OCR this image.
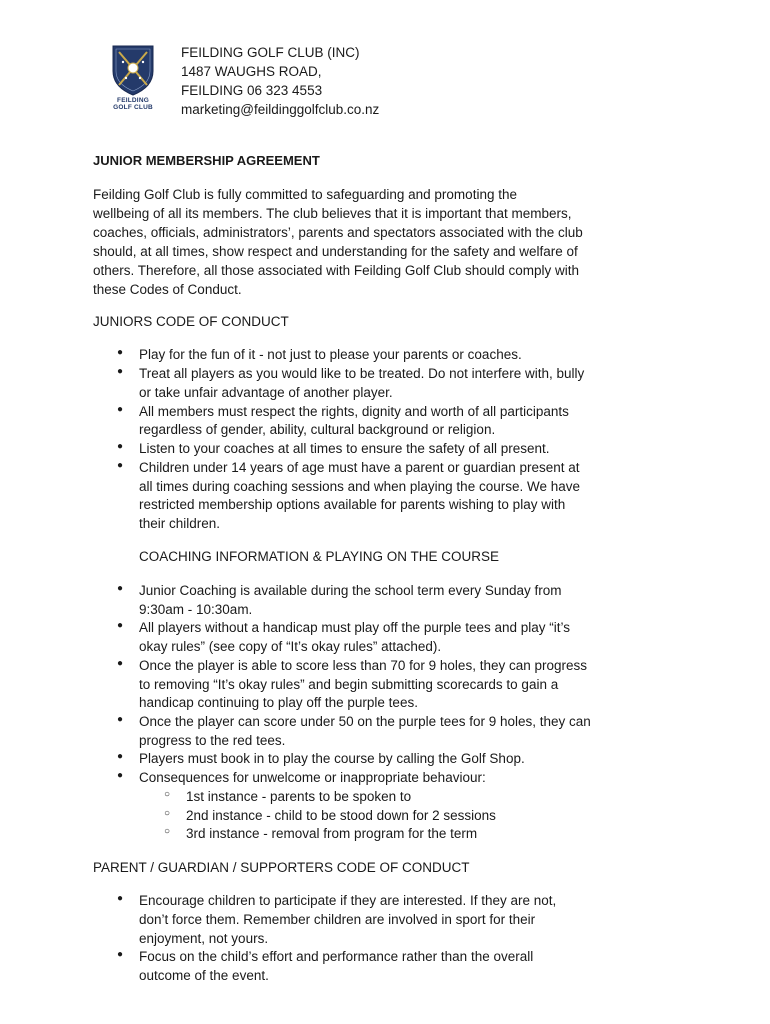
FEILDING
GOLF CLUB
FEILDING GOLF CLUB (INC)
1487 WAUGHS ROAD,
FEILDING 06 323 4553
marketing@feildinggolfclub.co.nz
JUNIOR MEMBERSHIP AGREEMENT
Feilding Golf Club is fully committed to safeguarding and promoting the
wellbeing of all its members. The club believes that it is important that members,
coaches, officials, administrators’, parents and spectators associated with the club
should, at all times, show respect and understanding for the safety and welfare of
others. Therefore, all those associated with Feilding Golf Club should comply with
these Codes of Conduct.
JUNIORS CODE OF CONDUCT
● Play for the fun of it - not just to please your parents or coaches.
● Treat all players as you would like to be treated. Do not interfere with, bully
or take unfair advantage of another player.
● All members must respect the rights, dignity and worth of all participants
regardless of gender, ability, cultural background or religion.
● Listen to your coaches at all times to ensure the safety of all present.
● Children under 14 years of age must have a parent or guardian present at
all times during coaching sessions and when playing the course. We have
restricted membership options available for parents wishing to play with
their children.
COACHING INFORMATION & PLAYING ON THE COURSE
● Junior Coaching is available during the school term every Sunday from
9:30am - 10:30am.
● All players without a handicap must play off the purple tees and play “it’s
okay rules” (see copy of “It’s okay rules” attached).
● Once the player is able to score less than 70 for 9 holes, they can progress
to removing “It’s okay rules” and begin submitting scorecards to gain a
handicap continuing to play off the purple tees.
● Once the player can score under 50 on the purple tees for 9 holes, they can
progress to the red tees.
● Players must book in to play the course by calling the Golf Shop.
● Consequences for unwelcome or inappropriate behaviour:
○ 1st instance - parents to be spoken to
○ 2nd instance - child to be stood down for 2 sessions
○ 3rd instance - removal from program for the term
PARENT / GUARDIAN / SUPPORTERS CODE OF CONDUCT
● Encourage children to participate if they are interested. If they are not,
don’t force them. Remember children are involved in sport for their
enjoyment, not yours.
● Focus on the child’s effort and performance rather than the overall
outcome of the event.
